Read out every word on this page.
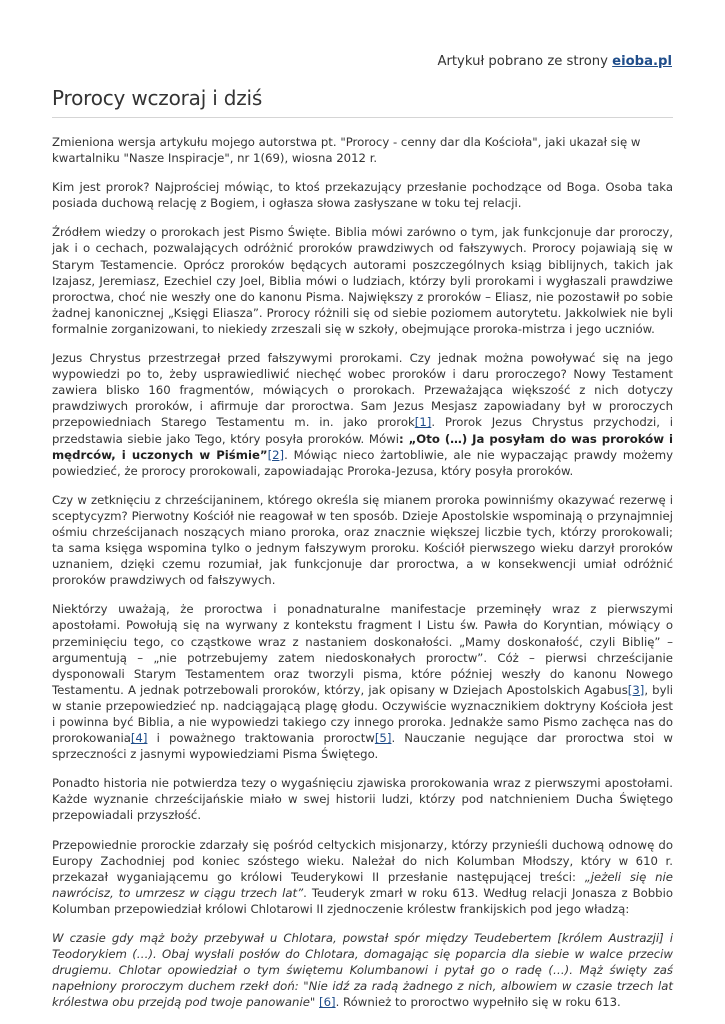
Artykuł pobrano ze strony eioba.pl
Prorocy wczoraj i dziś

Zmieniona wersja artykułu mojego autorstwa pt. "Prorocy - cenny dar dla Kościoła", jaki ukazał się w kwartalniku "Nasze Inspiracje", nr 1(69), wiosna 2012 r.

Kim jest prorok? Najprościej mówiąc, to ktoś przekazujący przesłanie pochodzące od Boga. Osoba taka posiada duchową relację z Bogiem, i ogłasza słowa zasłyszane w toku tej relacji.

Źródłem wiedzy o prorokach jest Pismo Święte. Biblia mówi zarówno o tym, jak funkcjonuje dar proroczy, jak i o cechach, pozwalających odróżnić proroków prawdziwych od fałszywych. Prorocy pojawiają się w Starym Testamencie. Oprócz proroków będących autorami poszczególnych ksiąg biblijnych, takich jak Izajasz, Jeremiasz, Ezechiel czy Joel, Biblia mówi o ludziach, którzy byli prorokami i wygłaszali prawdziwe proroctwa, choć nie weszły one do kanonu Pisma. Największy z proroków – Eliasz, nie pozostawił po sobie żadnej kanonicznej „Księgi Eliasza”. Prorocy różnili się od siebie poziomem autorytetu. Jakkolwiek nie byli formalnie zorganizowani, to niekiedy zrzeszali się w szkoły, obejmujące proroka-mistrza i jego uczniów.

Jezus Chrystus przestrzegał przed fałszywymi prorokami. Czy jednak można powoływać się na jego wypowiedzi po to, żeby usprawiedliwić niechęć wobec proroków i daru proroczego? Nowy Testament zawiera blisko 160 fragmentów, mówiących o prorokach. Przeważająca większość z nich dotyczy prawdziwych proroków, i afirmuje dar proroctwa. Sam Jezus Mesjasz zapowiadany był w proroczych przepowiedniach Starego Testamentu m. in. jako prorok[1]. Prorok Jezus Chrystus przychodzi, i przedstawia siebie jako Tego, który posyła proroków. Mówi: „Oto (…) Ja posyłam do was proroków i mędrców, i uczonych w Piśmie”[2]. Mówiąc nieco żartobliwie, ale nie wypaczając prawdy możemy powiedzieć, że prorocy prorokowali, zapowiadając Proroka-Jezusa, który posyła proroków.

Czy w zetknięciu z chrześcijaninem, którego określa się mianem proroka powinniśmy okazywać rezerwę i sceptycyzm? Pierwotny Kościół nie reagował w ten sposób. Dzieje Apostolskie wspominają o przynajmniej ośmiu chrześcijanach noszących miano proroka, oraz znacznie większej liczbie tych, którzy prorokowali; ta sama księga wspomina tylko o jednym fałszywym proroku. Kościół pierwszego wieku darzył proroków uznaniem, dzięki czemu rozumiał, jak funkcjonuje dar proroctwa, a w konsekwencji umiał odróżnić proroków prawdziwych od fałszywych.

Niektórzy uważają, że proroctwa i ponadnaturalne manifestacje przeminęły wraz z pierwszymi apostołami. Powołują się na wyrwany z kontekstu fragment I Listu św. Pawła do Koryntian, mówiący o przeminięciu tego, co cząstkowe wraz z nastaniem doskonałości. „Mamy doskonałość, czyli Biblię” – argumentują – „nie potrzebujemy zatem niedoskonałych proroctw”. Cóż – pierwsi chrześcijanie dysponowali Starym Testamentem oraz tworzyli pisma, które później weszły do kanonu Nowego Testamentu. A jednak potrzebowali proroków, którzy, jak opisany w Dziejach Apostolskich Agabus[3], byli w stanie przepowiedzieć np. nadciągającą plagę głodu. Oczywiście wyznacznikiem doktryny Kościoła jest i powinna być Biblia, a nie wypowiedzi takiego czy innego proroka. Jednakże samo Pismo zachęca nas do prorokowania[4] i poważnego traktowania proroctw[5]. Nauczanie negujące dar proroctwa stoi w sprzeczności z jasnymi wypowiedziami Pisma Świętego.

Ponadto historia nie potwierdza tezy o wygaśnięciu zjawiska prorokowania wraz z pierwszymi apostołami. Każde wyznanie chrześcijańskie miało w swej historii ludzi, którzy pod natchnieniem Ducha Świętego przepowiadali przyszłość.

Przepowiednie prorockie zdarzały się pośród celtyckich misjonarzy, którzy przynieśli duchową odnowę do Europy Zachodniej pod koniec szóstego wieku. Należał do nich Kolumban Młodszy, który w 610 r. przekazał wyganiającemu go królowi Teuderykowi II przesłanie następującej treści: „jeżeli się nie nawrócisz, to umrzesz w ciągu trzech lat”. Teuderyk zmarł w roku 613. Według relacji Jonasza z Bobbio Kolumban przepowiedział królowi Chlotarowi II zjednoczenie królestw frankijskich pod jego władzą:

W czasie gdy mąż boży przebywał u Chlotara, powstał spór między Teudebertem [królem Austrazji] i Teodorykiem (…). Obaj wysłali posłów do Chlotara, domagając się poparcia dla siebie w walce przeciw drugiemu. Chlotar opowiedział o tym świętemu Kolumbanowi i pytał go o radę (…). Mąż święty zaś napełniony proroczym duchem rzekł doń: "Nie idź za radą żadnego z nich, albowiem w czasie trzech lat królestwa obu przejdą pod twoje panowanie" [6]. Również to proroctwo wypełniło się w roku 613.
